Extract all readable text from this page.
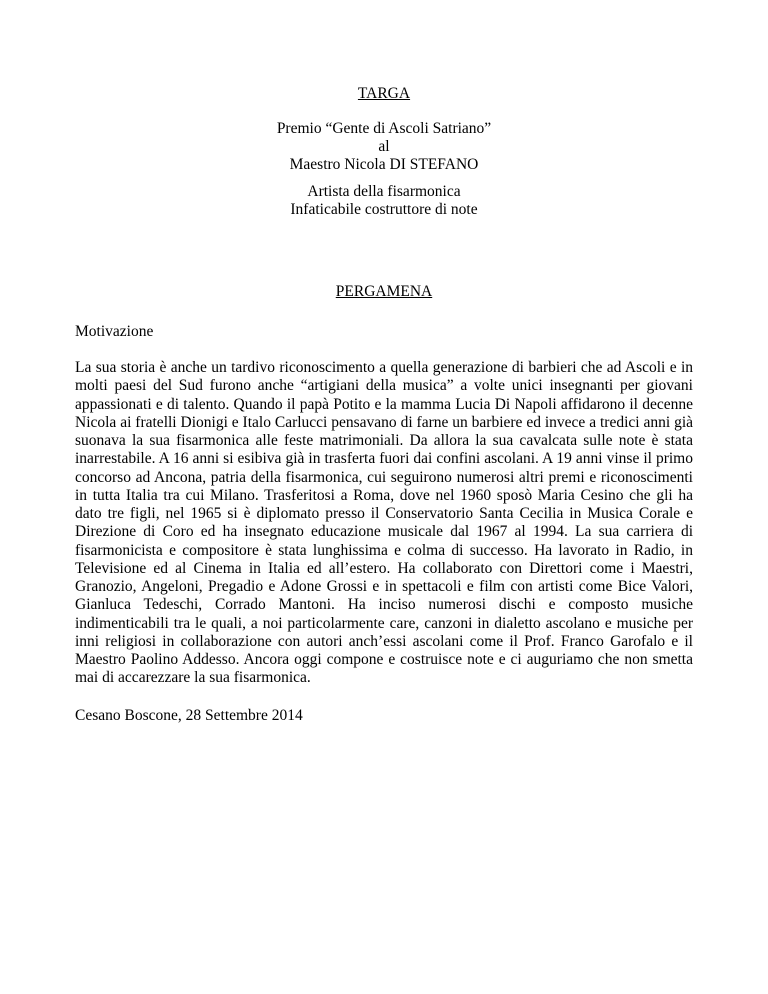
TARGA
Premio “Gente di Ascoli Satriano”
al
Maestro Nicola DI STEFANO
Artista della fisarmonica
Infaticabile costruttore di note
PERGAMENA
Motivazione

La sua storia è anche un tardivo riconoscimento a quella generazione di barbieri che ad Ascoli e in molti paesi del Sud furono anche “artigiani della musica” a volte unici insegnanti per giovani appassionati e di talento. Quando il papà Potito e la mamma Lucia Di Napoli affidarono il decenne Nicola ai fratelli Dionigi e Italo Carlucci pensavano di farne un barbiere ed invece a tredici anni già suonava la sua fisarmonica alle feste matrimoniali. Da allora la sua cavalcata sulle note è stata inarrestabile. A 16 anni si esibiva già in trasferta fuori dai confini ascolani. A 19 anni vinse il primo concorso ad Ancona, patria della fisarmonica, cui seguirono numerosi altri premi e riconoscimenti in tutta Italia tra cui Milano. Trasferitosi a Roma, dove nel 1960 sposò Maria Cesino che gli ha dato tre figli, nel 1965 si è diplomato presso il Conservatorio Santa Cecilia in Musica Corale e Direzione di Coro ed ha insegnato educazione musicale dal 1967 al 1994. La sua carriera di fisarmonicista e compositore è stata lunghissima e colma di successo. Ha lavorato in Radio, in Televisione ed al Cinema in Italia ed all’estero. Ha collaborato con Direttori come i Maestri, Granozio, Angeloni, Pregadio e Adone Grossi e in spettacoli e film con artisti come Bice Valori, Gianluca Tedeschi, Corrado Mantoni. Ha inciso numerosi dischi e composto musiche indimenticabili tra le quali, a noi particolarmente care, canzoni in dialetto ascolano e musiche per inni religiosi in collaborazione con autori anch’essi ascolani come il Prof. Franco Garofalo e il Maestro Paolino Addesso. Ancora oggi compone e costruisce note e ci auguriamo che non smetta mai di accarezzare la sua fisarmonica.

Cesano Boscone, 28 Settembre 2014
